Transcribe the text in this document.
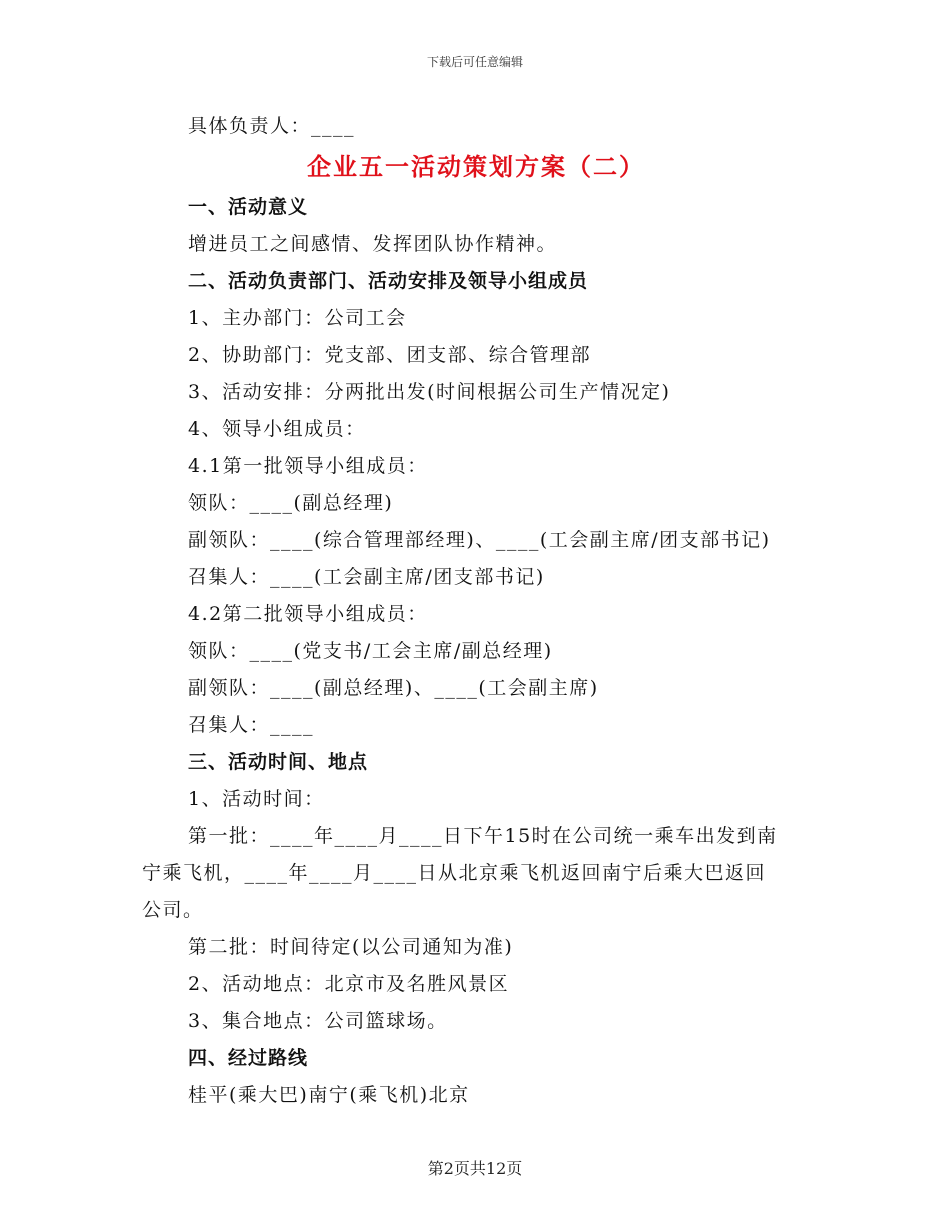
下载后可任意编辑
具体负责人：____
企业五一活动策划方案（二）
一、活动意义
增进员工之间感情、发挥团队协作精神。
二、活动负责部门、活动安排及领导小组成员
1、主办部门：公司工会
2、协助部门：党支部、团支部、综合管理部
3、活动安排：分两批出发(时间根据公司生产情况定)
4、领导小组成员：
4.1第一批领导小组成员：
领队：____(副总经理)
副领队：____(综合管理部经理)、____(工会副主席/团支部书记)
召集人：____(工会副主席/团支部书记)
4.2第二批领导小组成员：
领队：____(党支书/工会主席/副总经理)
副领队：____(副总经理)、____(工会副主席)
召集人：____
三、活动时间、地点
1、活动时间：
第一批：____年____月____日下午15时在公司统一乘车出发到南
宁乘飞机，____年____月____日从北京乘飞机返回南宁后乘大巴返回
公司。
第二批：时间待定(以公司通知为准)
2、活动地点：北京市及名胜风景区
3、集合地点：公司篮球场。
四、经过路线
桂平(乘大巴)南宁(乘飞机)北京
第2页共12页
